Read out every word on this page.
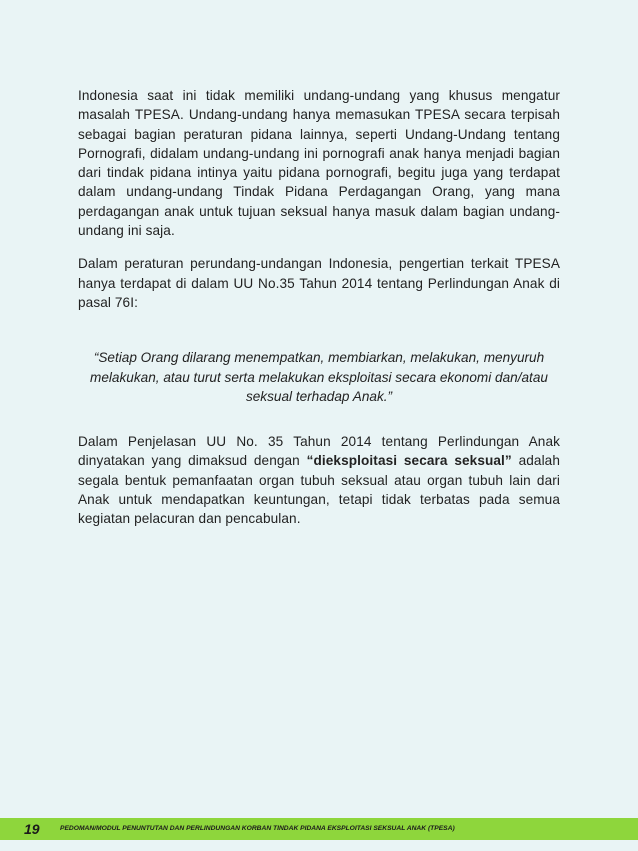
Indonesia saat ini tidak memiliki undang-undang yang khusus mengatur masalah TPESA. Undang-undang hanya memasukan TPESA secara terpisah sebagai bagian peraturan pidana lainnya, seperti Undang-Undang tentang Pornografi, didalam undang-undang ini pornografi anak hanya menjadi bagian dari tindak pidana intinya yaitu pidana pornografi, begitu juga yang terdapat dalam undang-undang Tindak Pidana Perdagangan Orang, yang mana perdagangan anak untuk tujuan seksual hanya masuk dalam bagian undang-undang ini saja.

Dalam peraturan perundang-undangan Indonesia, pengertian terkait TPESA hanya terdapat di dalam UU No.35 Tahun 2014 tentang Perlindungan Anak di pasal 76I:

“Setiap Orang dilarang menempatkan, membiarkan, melakukan, menyuruh melakukan, atau turut serta melakukan eksploitasi secara ekonomi dan/atau seksual terhadap Anak.”

Dalam Penjelasan UU No. 35 Tahun 2014 tentang Perlindungan Anak dinyatakan yang dimaksud dengan “dieksploitasi secara seksual” adalah segala bentuk pemanfaatan organ tubuh seksual atau organ tubuh lain dari Anak untuk mendapatkan keuntungan, tetapi tidak terbatas pada semua kegiatan pelacuran dan pencabulan.

19	PEDOMAN/MODUL PENUNTUTAN DAN PERLINDUNGAN KORBAN TINDAK PIDANA EKSPLOITASI SEKSUAL ANAK (TPESA)
